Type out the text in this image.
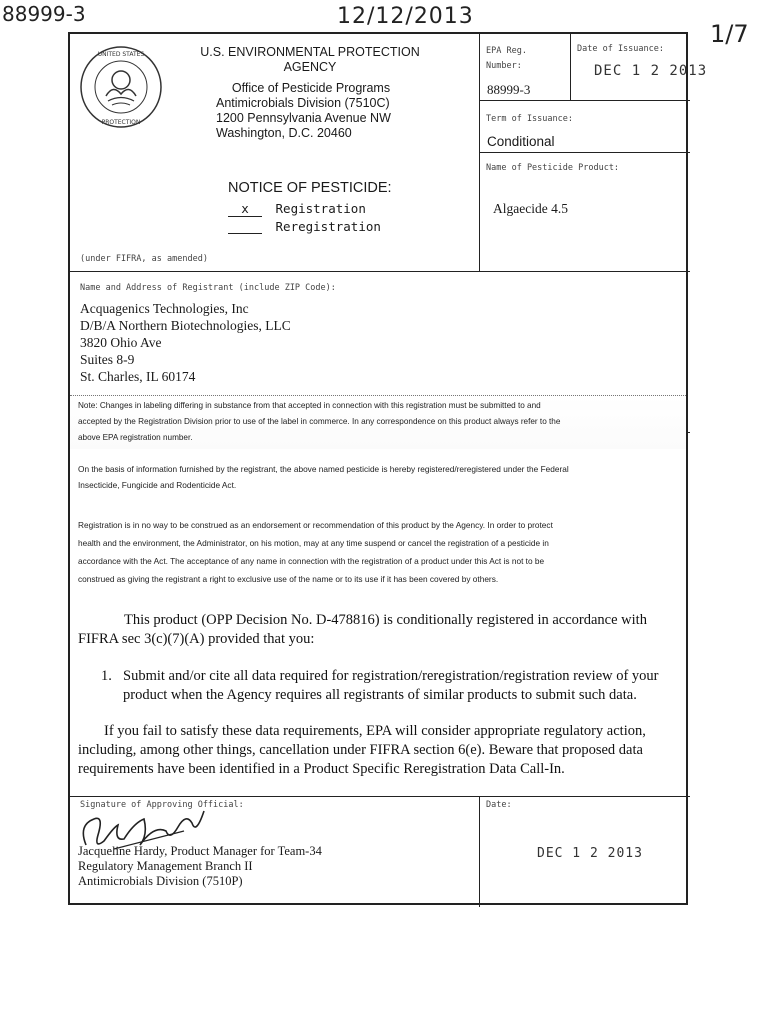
88999-3	12/12/2013
1/7
UNITED STATES
PROTECTION
U.S. ENVIRONMENTAL PROTECTION
AGENCY
Office of Pesticide Programs
Antimicrobials Division (7510C)
1200 Pennsylvania Avenue NW
Washington, D.C. 20460
NOTICE OF PESTICIDE:
x Registration
Reregistration
(under FIFRA, as amended)
EPA Reg. Number:
88999-3
Date of Issuance:
DEC 1 2 2013
Term of Issuance:
Conditional
Name of Pesticide Product:
Algaecide 4.5
Name and Address of Registrant (include ZIP Code):
Acquagenics Technologies, Inc
D/B/A Northern Biotechnologies, LLC
3820 Ohio Ave
Suites 8-9
St. Charles, IL 60174
Note: Changes in labeling differing in substance from that accepted in connection with this registration must be submitted to and
accepted by the Registration Division prior to use of the label in commerce. In any correspondence on this product always refer to the
above EPA registration number.
On the basis of information furnished by the registrant, the above named pesticide is hereby registered/reregistered under the Federal
Insecticide, Fungicide and Rodenticide Act.
Registration is in no way to be construed as an endorsement or recommendation of this product by the Agency. In order to protect
health and the environment, the Administrator, on his motion, may at any time suspend or cancel the registration of a pesticide in
accordance with the Act. The acceptance of any name in connection with the registration of a product under this Act is not to be
construed as giving the registrant a right to exclusive use of the name or to its use if it has been covered by others.
This product (OPP Decision No. D-478816) is conditionally registered in accordance with
FIFRA sec 3(c)(7)(A) provided that you:
1. Submit and/or cite all data required for registration/reregistration/registration review of your
product when the Agency requires all registrants of similar products to submit such data.
If you fail to satisfy these data requirements, EPA will consider appropriate regulatory action,
including, among other things, cancellation under FIFRA section 6(e). Beware that proposed data
requirements have been identified in a Product Specific Reregistration Data Call-In.
Signature of Approving Official:
Jacqueline Hardy, Product Manager for Team-34
Regulatory Management Branch II
Antimicrobials Division (7510P)
Date:
DEC 1 2 2013
